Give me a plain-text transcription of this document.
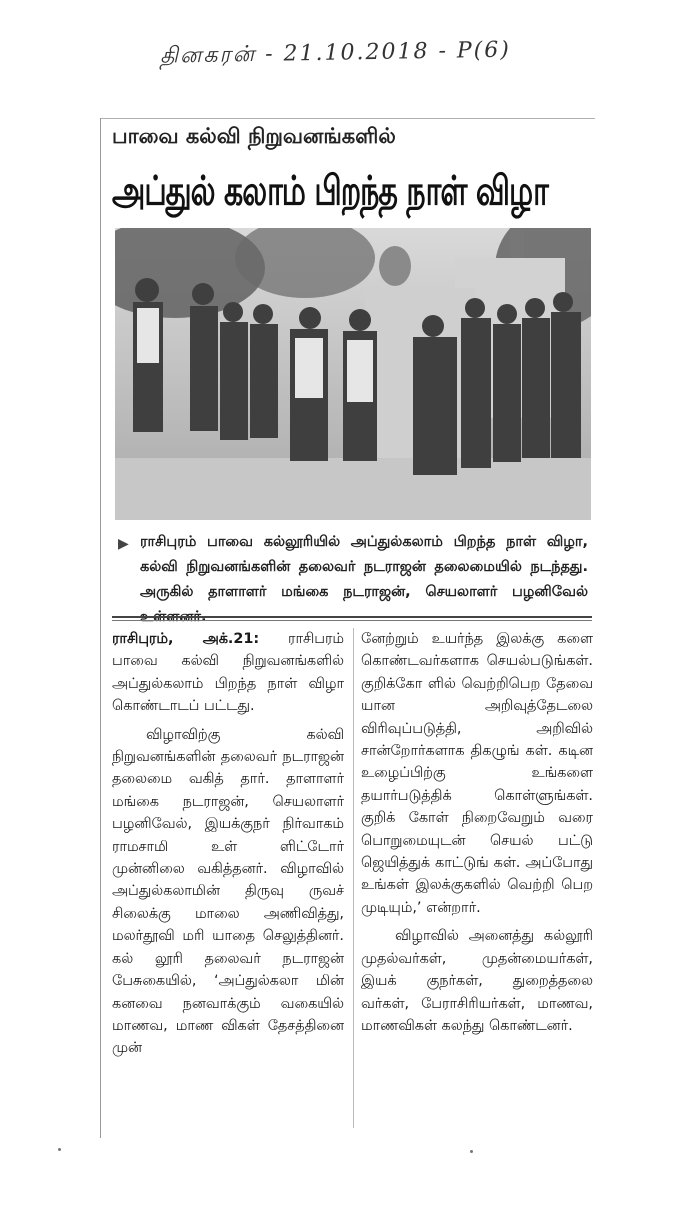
தினகரன் - 21.10.2018 - P(6)
பாவை கல்வி நிறுவனங்களில்
அப்துல் கலாம் பிறந்த நாள் விழா
▶ ராசிபுரம் பாவை கல்லூரியில் அப்துல்கலாம் பிறந்த நாள் விழா, கல்வி நிறுவனங்களின் தலைவர் நடராஜன் தலைமையில் நடந்தது. அருகில் தாளாளர் மங்கை நடராஜன், செயலாளர் பழனிவேல் உள்ளனர்.

ராசிபுரம், அக்.21: ராசிபரம் பாவை கல்வி நிறுவனங்களில் அப்துல்கலாம் பிறந்த நாள் விழா கொண்டாடப் பட்டது.

விழாவிற்கு கல்வி நிறுவனங்களின் தலைவர் நடராஜன் தலைமை வகித் தார். தாளாளர் மங்கை நடராஜன், செயலாளர் பழனிவேல், இயக்குநர் நிர்வாகம் ராமசாமி உள் ளிட்டோர் முன்னிலை வகித்தனர். விழாவில் அப்துல்கலாமின் திருவு ருவச் சிலைக்கு மாலை அணிவித்து, மலர்தூவி மரி யாதை செலுத்தினர். கல் லூரி தலைவர் நடராஜன் பேசுகையில், ‘அப்துல்கலா மின் கனவை நனவாக்கும் வகையில் மாணவ, மாண விகள் தேசத்தினை முன்

னேற்றும் உயர்ந்த இலக்கு களை கொண்டவர்களாக செயல்படுங்கள். குறிக்கோ ளில் வெற்றிபெற தேவை யான அறிவுத்தேடலை விரிவுப்படுத்தி, அறிவில் சான்றோர்களாக திகழுங் கள். கடின உழைப்பிற்கு உங்களை தயார்படுத்திக் கொள்ளுங்கள். குறிக் கோள் நிறைவேறும் வரை பொறுமையுடன் செயல் பட்டு ஜெயித்துக் காட்டுங் கள். அப்போது உங்கள் இலக்குகளில் வெற்றி பெற முடியும்,’ என்றார்.

விழாவில் அனைத்து கல்லூரி முதல்வர்கள், முதன்மையர்கள், இயக் குநர்கள், துறைத்தலை வர்கள், பேராசிரியர்கள், மாணவ, மாணவிகள் கலந்து கொண்டனர்.
